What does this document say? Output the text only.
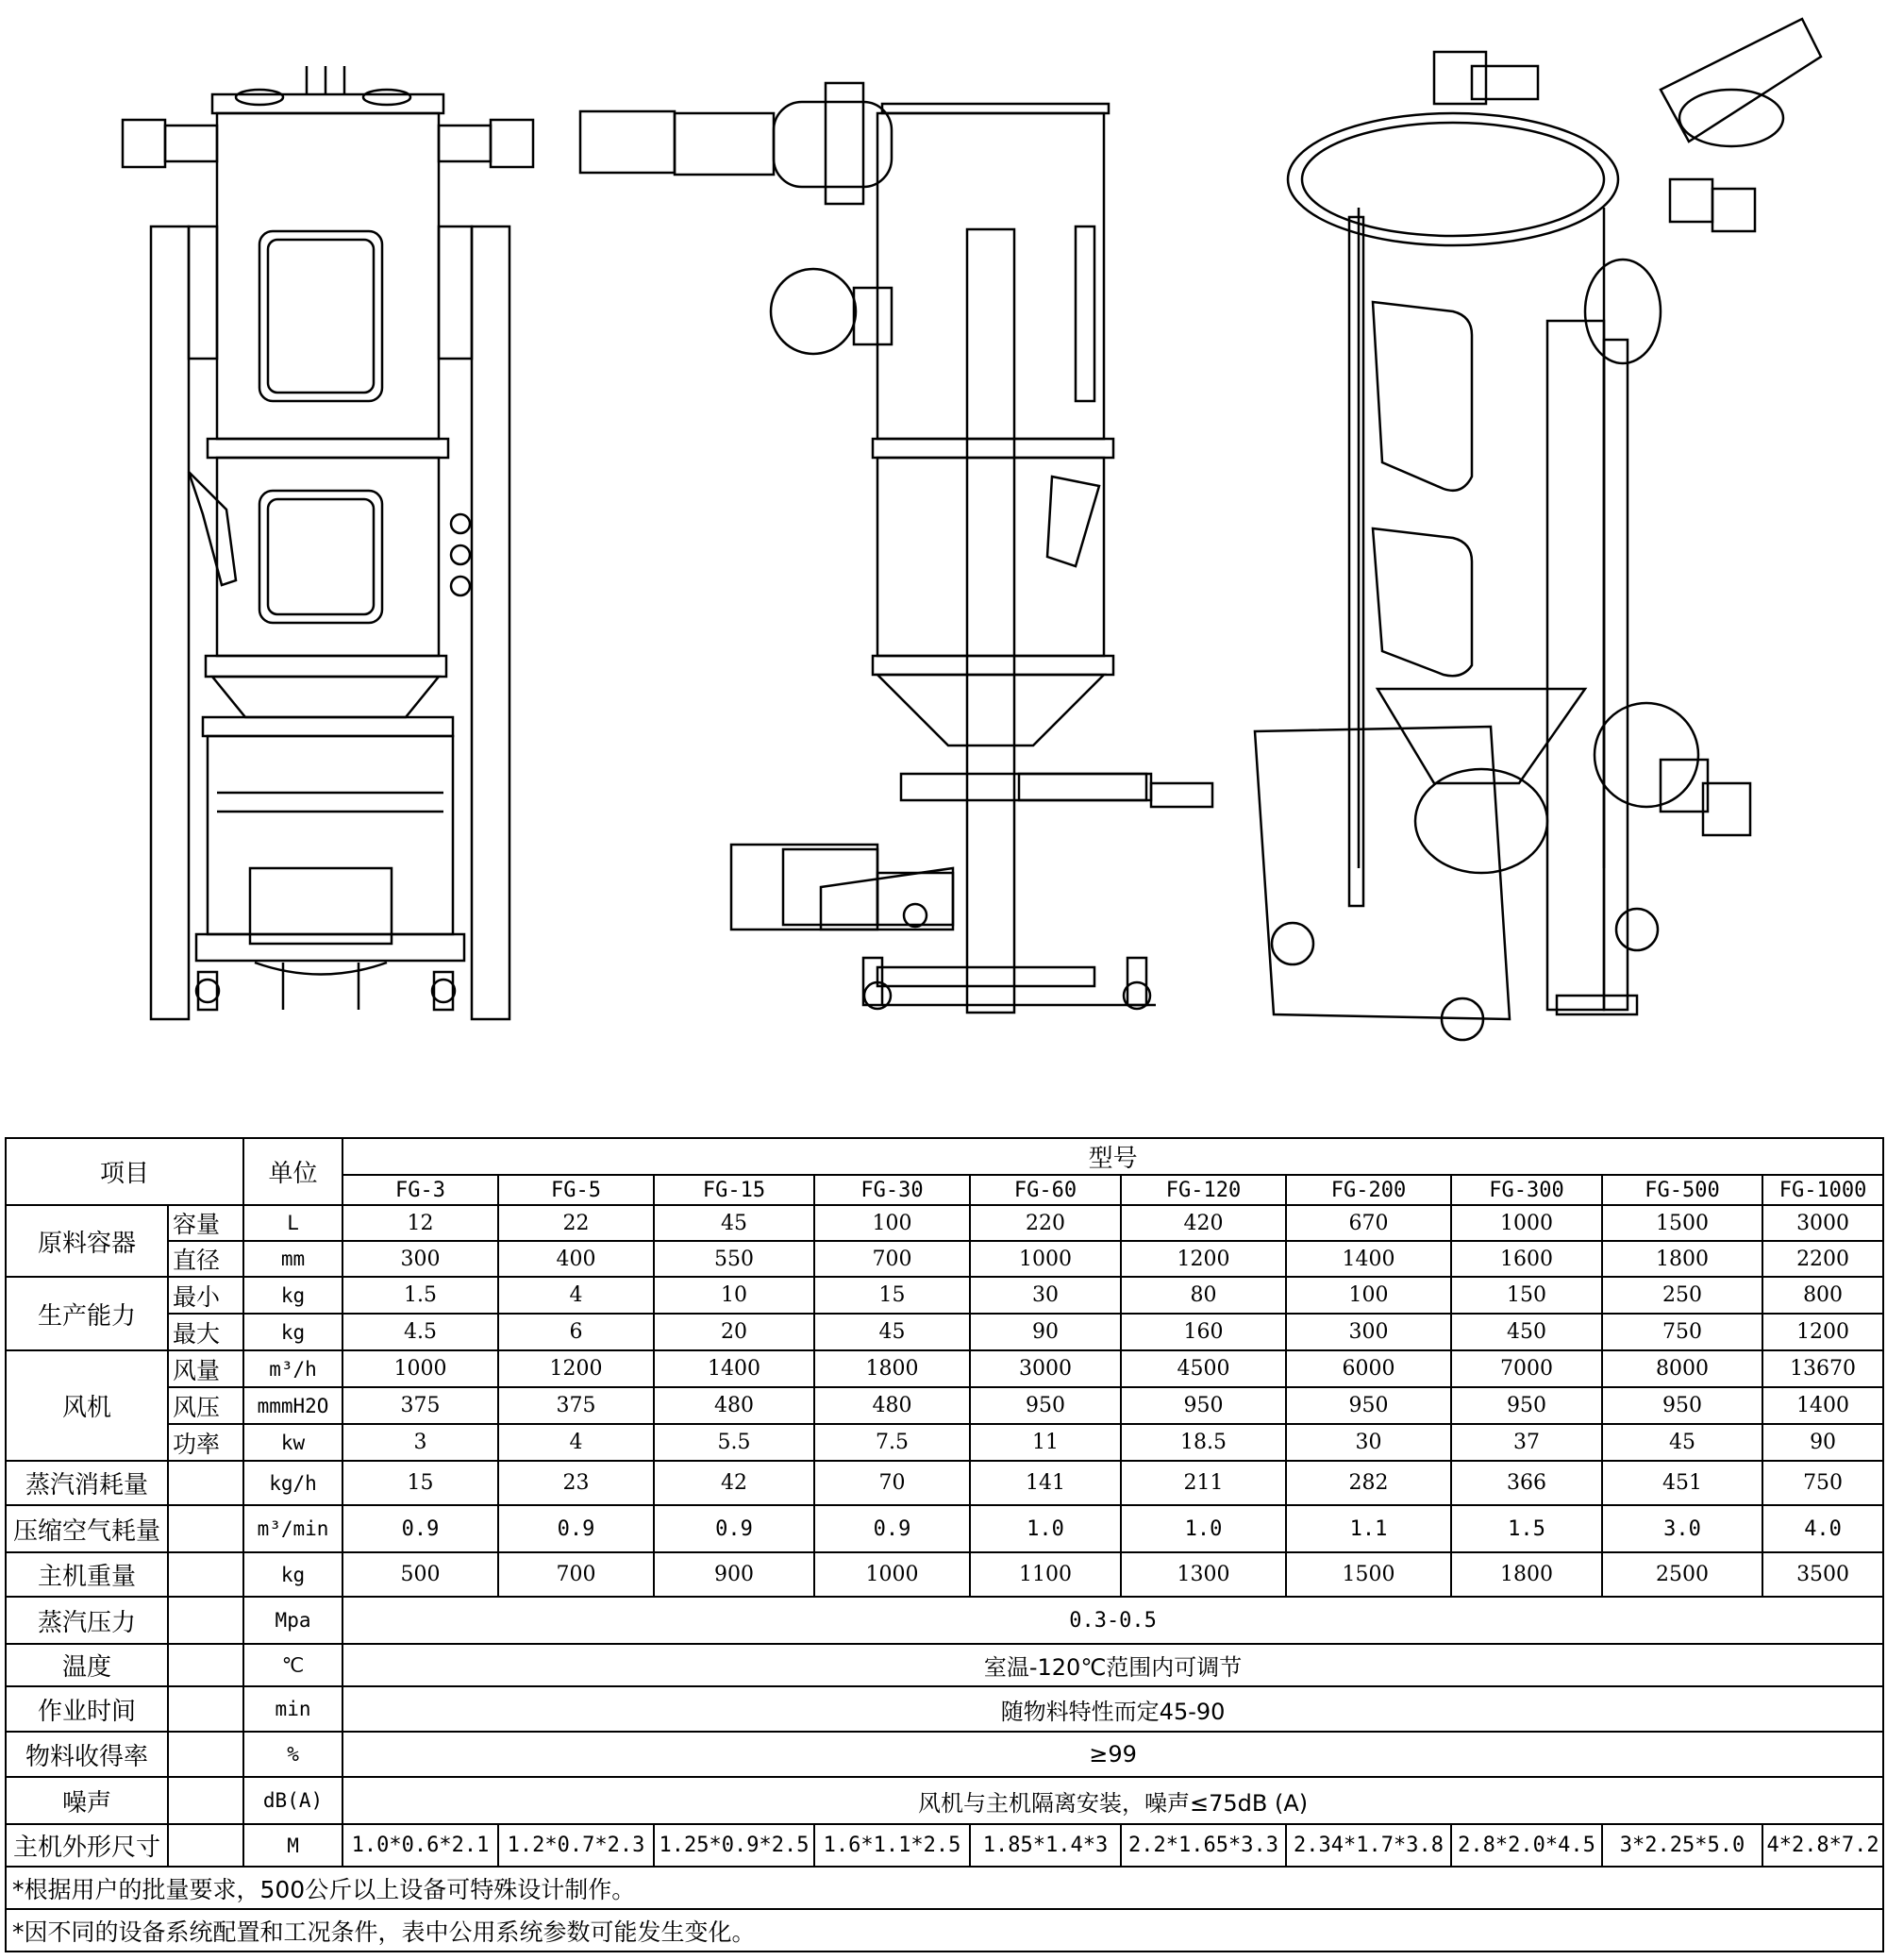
项目		单位	型号									
			FG-3	FG-5	FG-15	FG-30	FG-60	FG-120	FG-200	FG-300	FG-500	FG-1000
原料容器	容量	L	12	22	45	100	220	420	670	1000	1500	3000
	直径	mm	300	400	550	700	1000	1200	1400	1600	1800	2200
生产能力	最小	kg	1.5	4	10	15	30	80	100	150	250	800
	最大	kg	4.5	6	20	45	90	160	300	450	750	1200
风机	风量	m³/h	1000	1200	1400	1800	3000	4500	6000	7000	8000	13670
	风压	mmmH2O	375	375	480	480	950	950	950	950	950	1400
	功率	kw	3	4	5.5	7.5	11	18.5	30	37	45	90
蒸汽消耗量		kg/h	15	23	42	70	141	211	282	366	451	750
压缩空气耗量		m³/min	0.9	0.9	0.9	0.9	1.0	1.0	1.1	1.5	3.0	4.0
主机重量		kg	500	700	900	1000	1100	1300	1500	1800	2500	3500
蒸汽压力		Mpa	0.3-0.5									
温度		℃	室温-120℃范围内可调节									
作业时间		min	随物料特性而定45-90									
物料收得率		%	≥99									
噪声		dB(A)	风机与主机隔离安装，噪声≤75dB (A)									
主机外形尺寸		M	1.0*0.6*2.1	1.2*0.7*2.3	1.25*0.9*2.5	1.6*1.1*2.5	1.85*1.4*3	2.2*1.65*3.3	2.34*1.7*3.8	2.8*2.0*4.5	3*2.25*5.0	4*2.8*7.2
*根据用户的批量要求，500公斤以上设备可特殊设计制作。												
*因不同的设备系统配置和工况条件，表中公用系统参数可能发生变化。												
